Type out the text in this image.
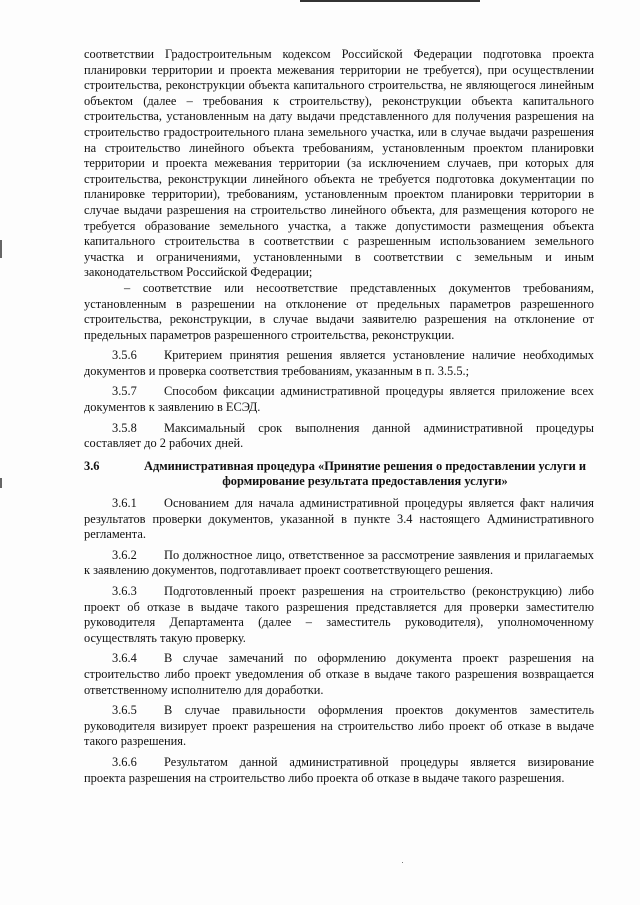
соответствии Градостроительным кодексом Российской Федерации подготовка проекта планировки территории и проекта межевания территории не требуется), при осуществлении строительства, реконструкции объекта капитального строительства, не являющегося линейным объектом (далее – требования к строительству), реконструкции объекта капитального строительства, установленным на дату выдачи представленного для получения разрешения на строительство градостроительного плана земельного участка, или в случае выдачи разрешения на строительство линейного объекта требованиям, установленным проектом планировки территории и проекта межевания территории (за исключением случаев, при которых для строительства, реконструкции линейного объекта не требуется подготовка документации по планировке территории), требованиям, установленным проектом планировки территории в случае выдачи разрешения на строительство линейного объекта, для размещения которого не требуется образование земельного участка, а также допустимости размещения объекта капитального строительства в соответствии с разрешенным использованием земельного участка и ограничениями, установленными в соответствии с земельным и иным законодательством Российской Федерации;

– соответствие или несоответствие представленных документов требованиям, установленным в разрешении на отклонение от предельных параметров разрешенного строительства, реконструкции, в случае выдачи заявителю разрешения на отклонение от предельных параметров разрешенного строительства, реконструкции.

3.5.6 Критерием принятия решения является установление наличие необходимых документов и проверка соответствия требованиям, указанным в п. 3.5.5.;

3.5.7 Способом фиксации административной процедуры является приложение всех документов к заявлению в ЕСЭД.

3.5.8 Максимальный срок выполнения данной административной процедуры составляет до 2 рабочих дней.

3.6	Административная процедура «Принятие решения о предоставлении услуги и формирование результата предоставления услуги»

3.6.1 Основанием для начала административной процедуры является факт наличия результатов проверки документов, указанной в пункте 3.4 настоящего Административного регламента.

3.6.2 По должностное лицо, ответственное за рассмотрение заявления и прилагаемых к заявлению документов, подготавливает проект соответствующего решения.

3.6.3 Подготовленный проект разрешения на строительство (реконструкцию) либо проект об отказе в выдаче такого разрешения представляется для проверки заместителю руководителя Департамента (далее – заместитель руководителя), уполномоченному осуществлять такую проверку.

3.6.4 В случае замечаний по оформлению документа проект разрешения на строительство либо проект уведомления об отказе в выдаче такого разрешения возвращается ответственному исполнителю для доработки.

3.6.5 В случае правильности оформления проектов документов заместитель руководителя визирует проект разрешения на строительство либо проект об отказе в выдаче такого разрешения.

3.6.6 Результатом данной административной процедуры является визирование проекта разрешения на строительство либо проекта об отказе в выдаче такого разрешения.
